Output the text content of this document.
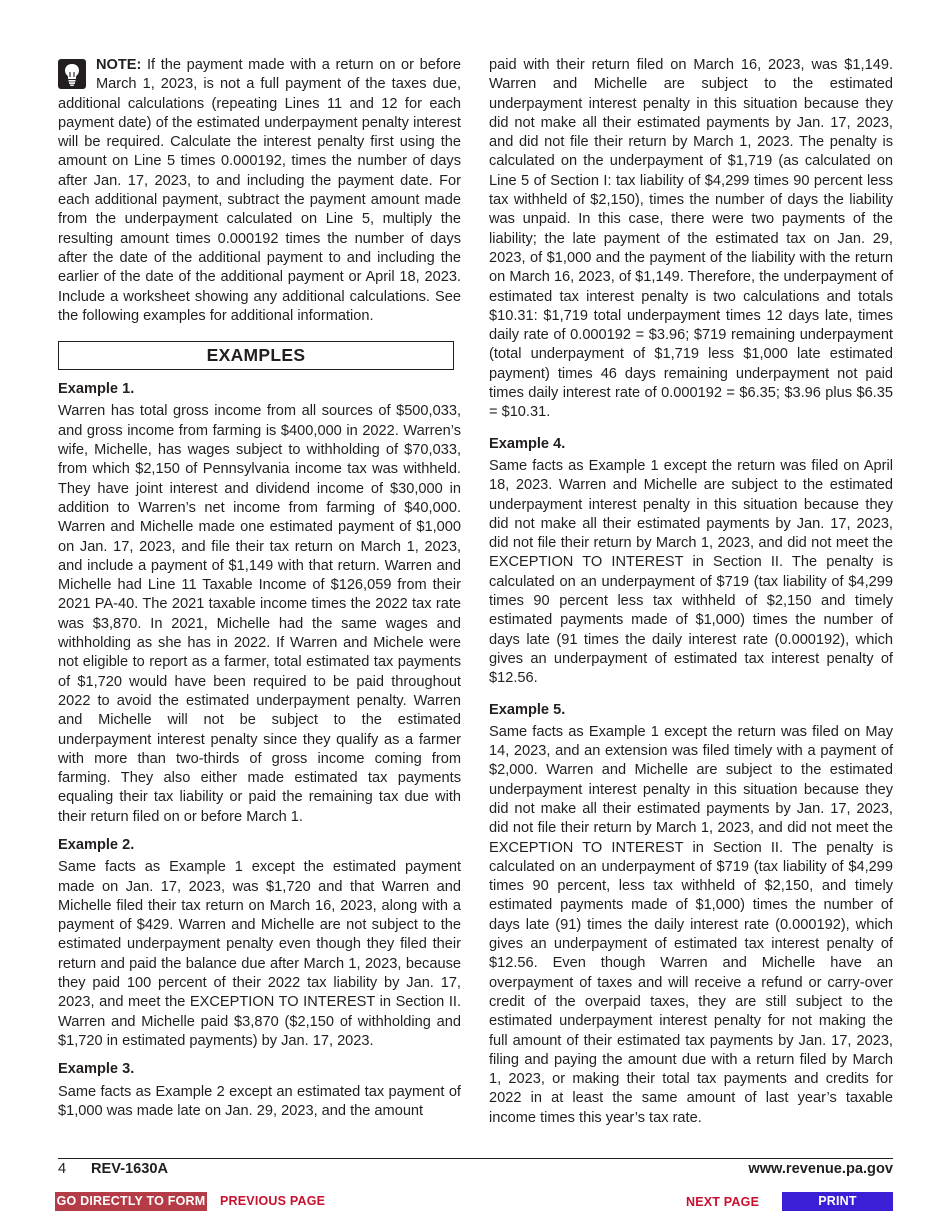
NOTE: If the payment made with a return on or before March 1, 2023, is not a full payment of the taxes due, additional calculations (repeating Lines 11 and 12 for each payment date) of the estimated underpayment penalty interest will be required. Calculate the interest penalty first using the amount on Line 5 times 0.000192, times the number of days after Jan. 17, 2023, to and including the payment date. For each additional payment, subtract the payment amount made from the underpayment calculated on Line 5, multiply the resulting amount times 0.000192 times the number of days after the date of the additional payment to and including the earlier of the date of the additional payment or April 18, 2023. Include a worksheet showing any additional calculations. See the following examples for additional information.

EXAMPLES

Example 1.

Warren has total gross income from all sources of $500,033, and gross income from farming is $400,000 in 2022. Warren’s wife, Michelle, has wages subject to withholding of $70,033, from which $2,150 of Pennsylvania income tax was withheld. They have joint interest and dividend income of $30,000 in addition to Warren’s net income from farming of $40,000. Warren and Michelle made one estimated payment of $1,000 on Jan. 17, 2023, and file their tax return on March 1, 2023, and include a payment of $1,149 with that return. Warren and Michelle had Line 11 Taxable Income of $126,059 from their 2021 PA-40. The 2021 taxable income times the 2022 tax rate was $3,870. In 2021, Michelle had the same wages and withholding as she has in 2022. If Warren and Michele were not eligible to report as a farmer, total estimated tax payments of $1,720 would have been required to be paid throughout 2022 to avoid the estimated underpayment penalty. Warren and Michelle will not be subject to the estimated underpayment interest penalty since they qualify as a farmer with more than two-thirds of gross income coming from farming. They also either made estimated tax payments equaling their tax liability or paid the remaining tax due with their return filed on or before March 1.

Example 2.

Same facts as Example 1 except the estimated payment made on Jan. 17, 2023, was $1,720 and that Warren and Michelle filed their tax return on March 16, 2023, along with a payment of $429. Warren and Michelle are not subject to the estimated underpayment penalty even though they filed their return and paid the balance due after March 1, 2023, because they paid 100 percent of their 2022 tax liability by Jan. 17, 2023, and meet the EXCEPTION TO INTEREST in Section II. Warren and Michelle paid $3,870 ($2,150 of withholding and $1,720 in estimated payments) by Jan. 17, 2023.

Example 3.

Same facts as Example 2 except an estimated tax payment of $1,000 was made late on Jan. 29, 2023, and the amount

paid with their return filed on March 16, 2023, was $1,149. Warren and Michelle are subject to the estimated underpayment interest penalty in this situation because they did not make all their estimated payments by Jan. 17, 2023, and did not file their return by March 1, 2023. The penalty is calculated on the underpayment of $1,719 (as calculated on Line 5 of Section I: tax liability of $4,299 times 90 percent less tax withheld of $2,150), times the number of days the liability was unpaid. In this case, there were two payments of the liability; the late payment of the estimated tax on Jan. 29, 2023, of $1,000 and the payment of the liability with the return on March 16, 2023, of $1,149. Therefore, the underpayment of estimated tax interest penalty is two calculations and totals $10.31: $1,719 total underpayment times 12 days late, times daily rate of 0.000192 = $3.96; $719 remaining underpayment (total underpayment of $1,719 less $1,000 late estimated payment) times 46 days remaining underpayment not paid times daily interest rate of 0.000192 = $6.35; $3.96 plus $6.35 = $10.31.

Example 4.

Same facts as Example 1 except the return was filed on April 18, 2023. Warren and Michelle are subject to the estimated underpayment interest penalty in this situation because they did not make all their estimated payments by Jan. 17, 2023, did not file their return by March 1, 2023, and did not meet the EXCEPTION TO INTEREST in Section II. The penalty is calculated on an underpayment of $719 (tax liability of $4,299 times 90 percent less tax withheld of $2,150 and timely estimated payments made of $1,000) times the number of days late (91 times the daily interest rate (0.000192), which gives an underpayment of estimated tax interest penalty of $12.56.

Example 5.

Same facts as Example 1 except the return was filed on May 14, 2023, and an extension was filed timely with a payment of $2,000. Warren and Michelle are subject to the estimated underpayment interest penalty in this situation because they did not make all their estimated payments by Jan. 17, 2023, did not file their return by March 1, 2023, and did not meet the EXCEPTION TO INTEREST in Section II. The penalty is calculated on an underpayment of $719 (tax liability of $4,299 times 90 percent, less tax withheld of $2,150, and timely estimated payments made of $1,000) times the number of days late (91) times the daily interest rate (0.000192), which gives an underpayment of estimated tax interest penalty of $12.56. Even though Warren and Michelle have an overpayment of taxes and will receive a refund or carry-over credit of the overpaid taxes, they are still subject to the estimated underpayment interest penalty for not making the full amount of their estimated tax payments by Jan. 17, 2023, filing and paying the amount due with a return filed by March 1, 2023, or making their total tax payments and credits for 2022 in at least the same amount of last year’s taxable income times this year’s tax rate.

4 REV-1630A	www.revenue.pa.gov
GO DIRECTLY TO FORM PREVIOUS PAGE	NEXT PAGE	PRINT
